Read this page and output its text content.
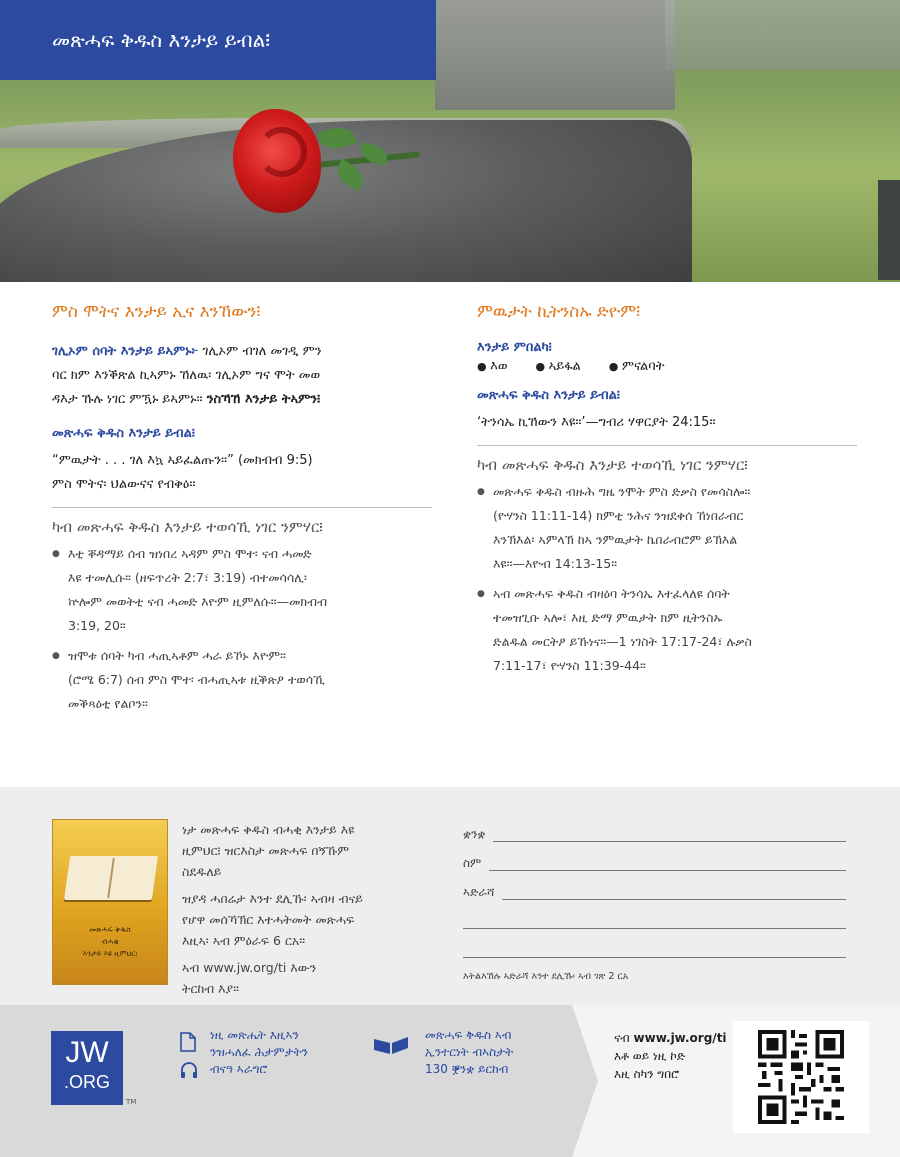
መጽሓፍ ቅዱስ እንታይ ይብል፧
ምስ ሞትና እንታይ ኢና እንኸውን፧
ገሊኦም ሰባት እንታይ ይኣምኑ፦ ገሊኦም ብገለ መገዲ ምን
ባር ክም እንቕጽል ኪኣምኑ ኸለዉ፡ ገሊኦም ግና ሞት መወ
ዳእታ ኹሉ ነገር ምዃኑ ይኣምኑ። ንስኻኸ እንታይ ትኣምን፧
መጽሓፍ ቅዱስ እንታይ ይብል፧
“ምዉታት . . . ገለ እኳ ኣይፈልጡን።” (መክብብ 9:5)
ምስ ሞትና፡ ህልውናና የብቅዕ።
ካብ መጽሓፍ ቅዱስ እንታይ ተወሳኺ ነገር ንምሃር፧
● እቲ ቐዳማይ ሰብ ዝነበረ ኣዳም ምስ ሞተ፡ ናብ ሓመድ
እዩ ተመሊሱ። (ዘፍጥረት 2:7፣ 3:19) ብተመሳሳሊ፡
ኵሎም መወትቲ ናብ ሓመድ እዮም ዚምለሱ።—መክብብ
3:19, 20።
● ዝሞቱ ሰባት ካብ ሓጢኣቶም ሓራ ይኾኑ እዮም።
(ሮሜ 6:7) ሰብ ምስ ሞተ፡ ብሓጢኣቱ ዚቕጽዖ ተወሳኺ
መቕጻዕቲ የልቦን።
ምዉታት ኪትንስኡ ድዮም፧
እንታይ ምበልካ፧
● እወ	● ኣይፋል	● ምናልባት
መጽሓፍ ቅዱስ እንታይ ይብል፧
‘ትንሳኤ ኪኸውን እዩ።’—ግብሪ ሃዋርያት 24:15።
ካብ መጽሓፍ ቅዱስ እንታይ ተወሳኺ ነገር ንምሃር፧
● መጽሓፍ ቅዱስ ብዙሕ ግዜ ንሞት ምስ ድቃስ የመሳስሎ።
(ዮሃንስ 11:11-14) ክምቲ ንሕና ንዝደቀሰ ኸነበራብር
እንኽእል፡ ኣምላኽ ከኣ ንምዉታት ኬበራብሮም ይኽእል
እዩ።—እዮብ 14:13-15።
● ኣብ መጽሓፍ ቅዱስ ብዛዕባ ትንሳኤ እተፈላለዩ ሰባት
ተመዝጊቡ ኣሎ፣ እዚ ድማ ምዉታት ክም ዚትንስኡ
ድልዱል መርትዖ ይኹነና።—1 ነገስት 17:17-24፣ ሉቃስ
7:11-17፣ ዮሃንስ 11:39-44።
መጽሓፍ ቅዱስ
ብሓቂ
እንታይ እዩ ዚምህር፧

ነታ መጽሓፍ ቅዱስ ብሓቂ እንታይ እዩ
ዚምህር፧ ዝርእስታ መጽሓፍ በኝኹም
ስደዱለይ

ዝያዳ ሓበሬታ እንተ ደሊኹ፡ ኣብዛ ብናይ
የሆዋ መሰኻኽር እተሓትመት መጽሓፍ
እዚኣ፡ ኣብ ምዕራፍ 6 ርአ።

ኣብ www.jw.org/ti እውን
ትርከብ እያ።

ቋንቋ
ስም
ኣድራሻ
እትልእኸሉ ኣድራሻ እንተ ደሊኹ፡ ኣብ ገጽ 2 ርአ
JW
.ORG
TM
ነዚ መጽሔት እዚኣን
ንዝሓለፈ ሕታምታትን
ብናዓ ኣራግሮ
መጽሓፍ ቅዱስ ኣብ
ኢንተርነት ብኣስታት
130 ቛንቋ ይርከብ
ናብ www.jw.org/ti
እቶ ወይ ነዚ ኮድ
እዚ ስካን ግበሮ
